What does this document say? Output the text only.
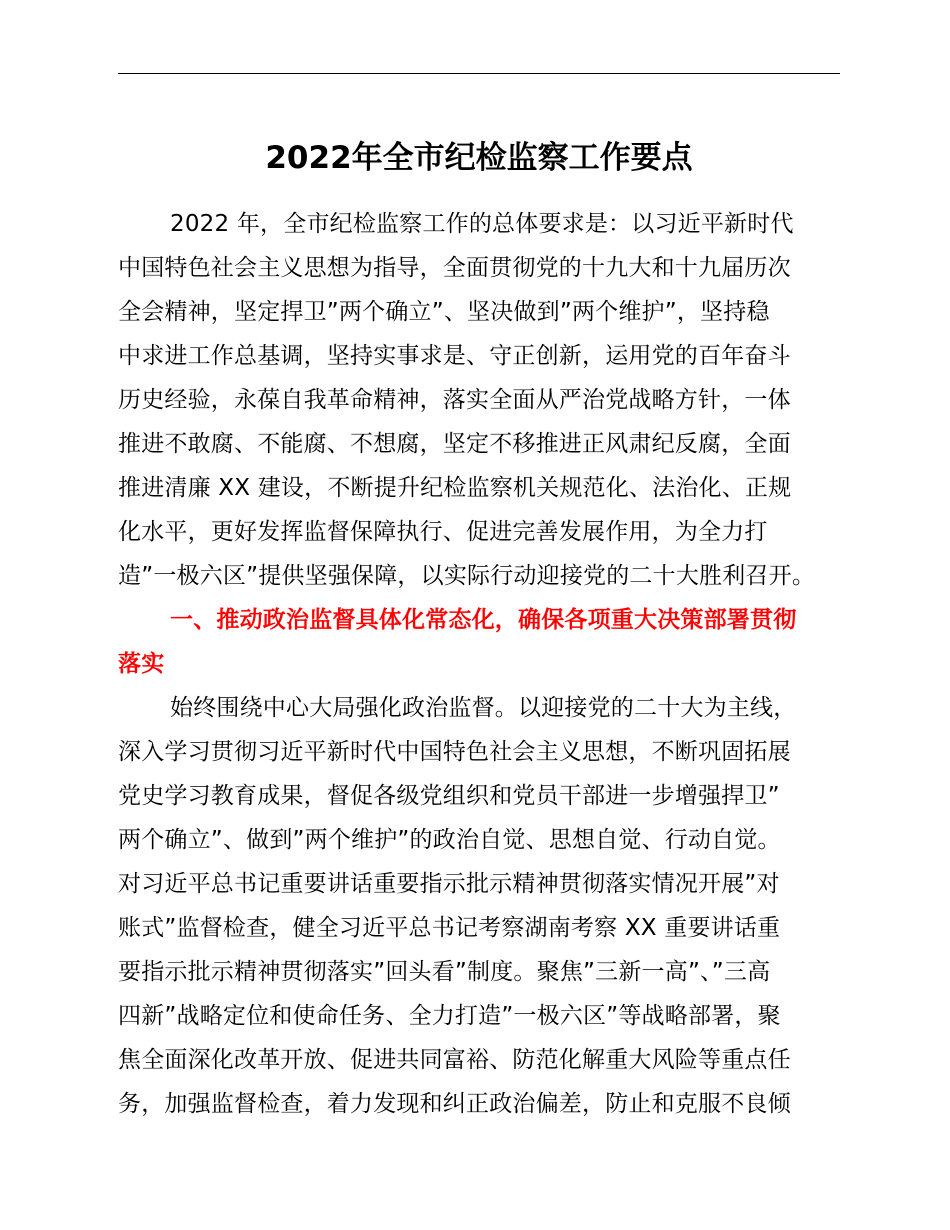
2022年全市纪检监察工作要点
2022 年，全市纪检监察工作的总体要求是：以习近平新时代
中国特色社会主义思想为指导，全面贯彻党的十九大和十九届历次
全会精神，坚定捍卫”两个确立”、坚决做到”两个维护”，坚持稳
中求进工作总基调，坚持实事求是、守正创新，运用党的百年奋斗
历史经验，永葆自我革命精神，落实全面从严治党战略方针，一体
推进不敢腐、不能腐、不想腐，坚定不移推进正风肃纪反腐，全面
推进清廉 XX 建设，不断提升纪检监察机关规范化、法治化、正规
化水平，更好发挥监督保障执行、促进完善发展作用，为全力打
造”一极六区”提供坚强保障，以实际行动迎接党的二十大胜利召开。
一、推动政治监督具体化常态化，确保各项重大决策部署贯彻
落实
始终围绕中心大局强化政治监督。以迎接党的二十大为主线，
深入学习贯彻习近平新时代中国特色社会主义思想，不断巩固拓展
党史学习教育成果，督促各级党组织和党员干部进一步增强捍卫”
两个确立”、做到”两个维护”的政治自觉、思想自觉、行动自觉。
对习近平总书记重要讲话重要指示批示精神贯彻落实情况开展”对
账式”监督检查，健全习近平总书记考察湖南考察 XX 重要讲话重
要指示批示精神贯彻落实”回头看”制度。聚焦”三新一高”、”三高
四新”战略定位和使命任务、全力打造”一极六区”等战略部署，聚
焦全面深化改革开放、促进共同富裕、防范化解重大风险等重点任
务，加强监督检查，着力发现和纠正政治偏差，防止和克服不良倾
